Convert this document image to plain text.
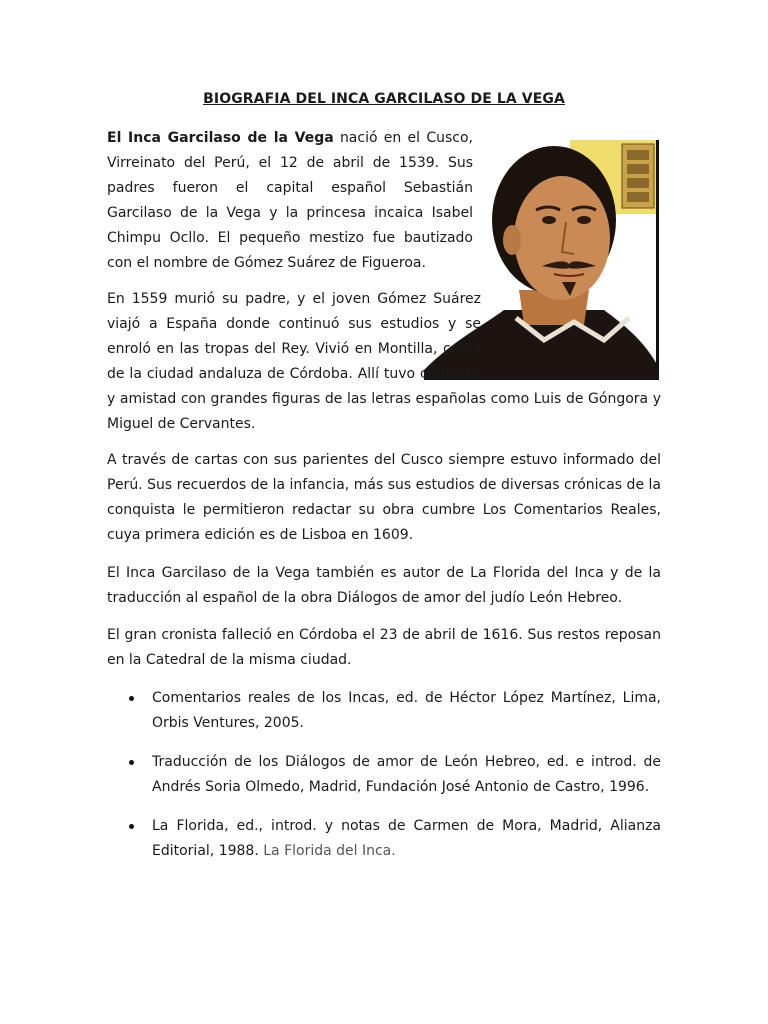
BIOGRAFIA DEL INCA GARCILASO DE LA VEGA

El Inca Garcilaso de la Vega nació en el Cusco, Virreinato del Perú, el 12 de abril de 1539. Sus padres fueron el capital español Sebastián Garcilaso de la Vega y la princesa incaica Isabel Chimpu Ocllo. El pequeño mestizo fue bautizado con el nombre de Gómez Suárez de Figueroa.

En 1559 murió su padre, y el joven Gómez Suárez viajó a España donde continuó sus estudios y se enroló en las tropas del Rey. Vivió en Montilla, cerca de la ciudad andaluza de Córdoba. Allí tuvo contacto y amistad con grandes figuras de las letras españolas como Luis de Góngora y Miguel de Cervantes.

A través de cartas con sus parientes del Cusco siempre estuvo informado del Perú. Sus recuerdos de la infancia, más sus estudios de diversas crónicas de la conquista le permitieron redactar su obra cumbre Los Comentarios Reales, cuya primera edición es de Lisboa en 1609.

El Inca Garcilaso de la Vega también es autor de La Florida del Inca y de la traducción al español de la obra Diálogos de amor del judío León Hebreo.

El gran cronista falleció en Córdoba el 23 de abril de 1616. Sus restos reposan en la Catedral de la misma ciudad.

Comentarios reales de los Incas, ed. de Héctor López Martínez, Lima, Orbis Ventures, 2005.
Traducción de los Diálogos de amor de León Hebreo, ed. e introd. de Andrés Soria Olmedo, Madrid, Fundación José Antonio de Castro, 1996.
La Florida, ed., introd. y notas de Carmen de Mora, Madrid, Alianza Editorial, 1988. La Florida del Inca.
